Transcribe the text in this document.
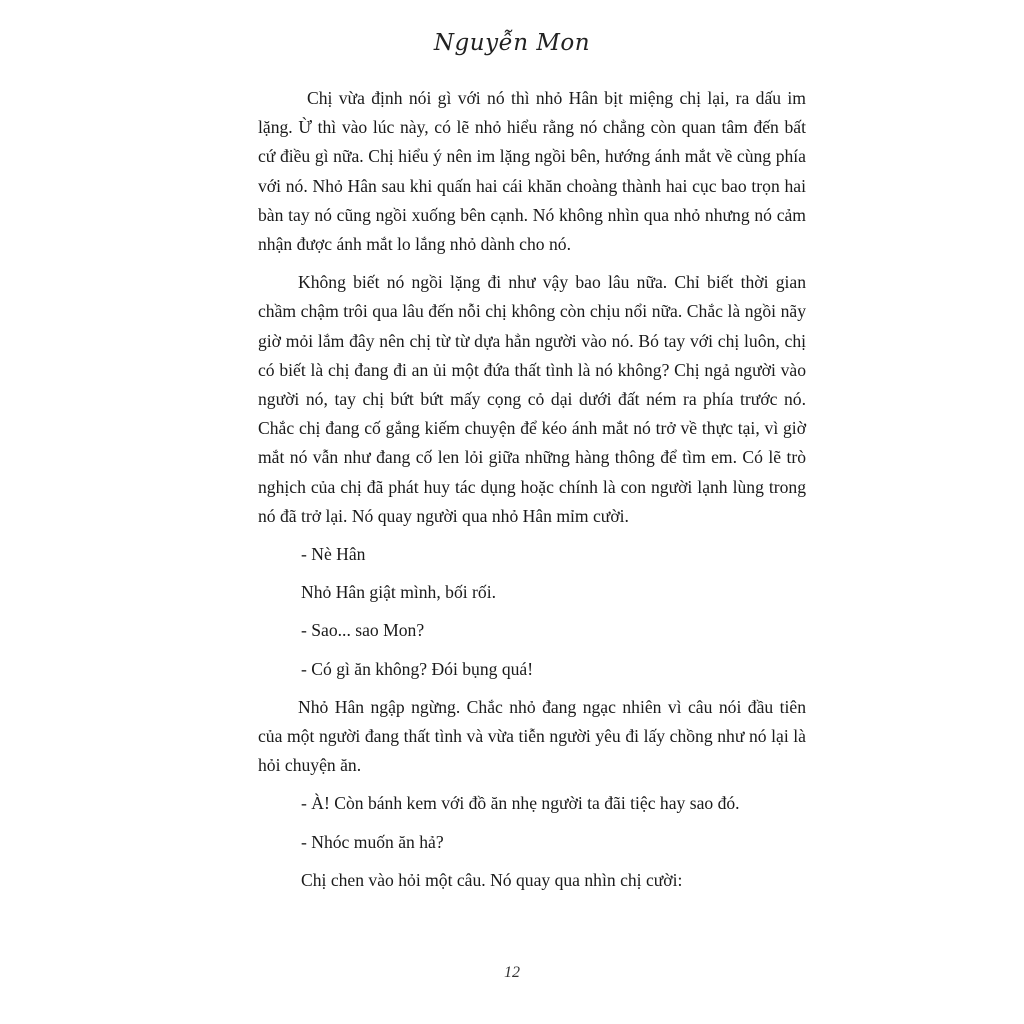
Nguyễn Mon

Chị vừa định nói gì với nó thì nhỏ Hân bịt miệng chị lại, ra dấu im lặng. Ừ thì vào lúc này, có lẽ nhỏ hiểu rằng nó chẳng còn quan tâm đến bất cứ điều gì nữa. Chị hiểu ý nên im lặng ngồi bên, hướng ánh mắt về cùng phía với nó. Nhỏ Hân sau khi quấn hai cái khăn choàng thành hai cục bao trọn hai bàn tay nó cũng ngồi xuống bên cạnh. Nó không nhìn qua nhỏ nhưng nó cảm nhận được ánh mắt lo lắng nhỏ dành cho nó.

Không biết nó ngồi lặng đi như vậy bao lâu nữa. Chỉ biết thời gian chầm chậm trôi qua lâu đến nỗi chị không còn chịu nổi nữa. Chắc là ngồi nãy giờ mỏi lắm đây nên chị từ từ dựa hẳn người vào nó. Bó tay với chị luôn, chị có biết là chị đang đi an ủi một đứa thất tình là nó không? Chị ngả người vào người nó, tay chị bứt bứt mấy cọng cỏ dại dưới đất ném ra phía trước nó. Chắc chị đang cố gắng kiếm chuyện để kéo ánh mắt nó trở về thực tại, vì giờ mắt nó vẫn như đang cố len lỏi giữa những hàng thông để tìm em. Có lẽ trò nghịch của chị đã phát huy tác dụng hoặc chính là con người lạnh lùng trong nó đã trở lại. Nó quay người qua nhỏ Hân mỉm cười.

- Nè Hân

Nhỏ Hân giật mình, bối rối.

- Sao... sao Mon?

- Có gì ăn không? Đói bụng quá!

Nhỏ Hân ngập ngừng. Chắc nhỏ đang ngạc nhiên vì câu nói đầu tiên của một người đang thất tình và vừa tiễn người yêu đi lấy chồng như nó lại là hỏi chuyện ăn.

- À! Còn bánh kem với đồ ăn nhẹ người ta đãi tiệc hay sao đó.

- Nhóc muốn ăn hả?

Chị chen vào hỏi một câu. Nó quay qua nhìn chị cười:

12
